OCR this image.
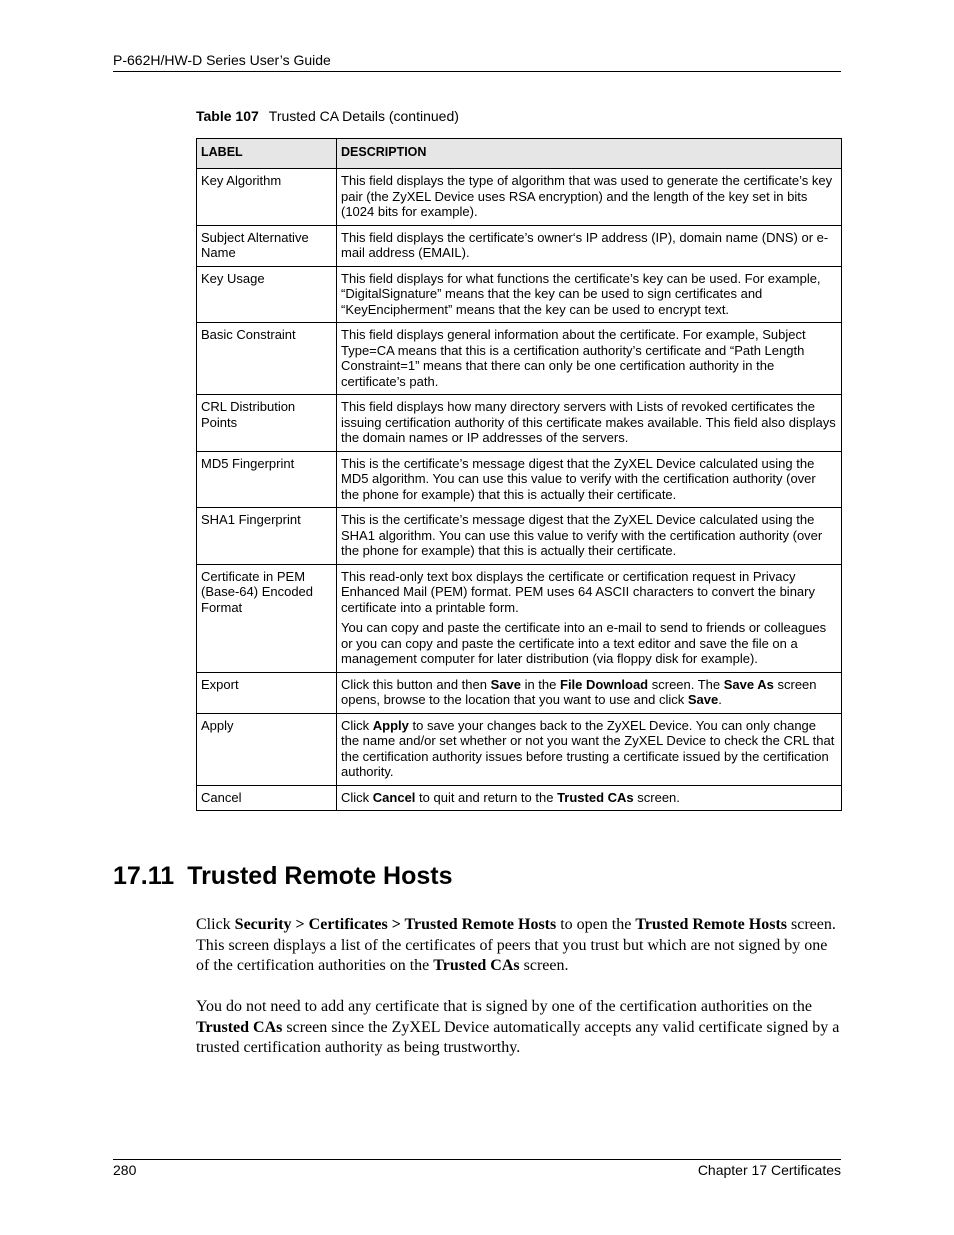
P-662H/HW-D Series User’s Guide
Table 107 Trusted CA Details (continued)
LABEL	DESCRIPTION
Key Algorithm	This field displays the type of algorithm that was used to generate the certificate’s key pair (the ZyXEL Device uses RSA encryption) and the length of the key set in bits (1024 bits for example).

Subject Alternative Name	This field displays the certificate’s owner‘s IP address (IP), domain name (DNS) or e-mail address (EMAIL).

Key Usage	This field displays for what functions the certificate’s key can be used. For example, “DigitalSignature” means that the key can be used to sign certificates and “KeyEncipherment” means that the key can be used to encrypt text.

Basic Constraint	This field displays general information about the certificate. For example, Subject Type=CA means that this is a certification authority’s certificate and “Path Length Constraint=1” means that there can only be one certification authority in the certificate’s path.

CRL Distribution Points	This field displays how many directory servers with Lists of revoked certificates the issuing certification authority of this certificate makes available. This field also displays the domain names or IP addresses of the servers.

MD5 Fingerprint	This is the certificate’s message digest that the ZyXEL Device calculated using the MD5 algorithm. You can use this value to verify with the certification authority (over the phone for example) that this is actually their certificate.

SHA1 Fingerprint	This is the certificate’s message digest that the ZyXEL Device calculated using the SHA1 algorithm. You can use this value to verify with the certification authority (over the phone for example) that this is actually their certificate.

Certificate in PEM (Base-64) Encoded Format	This read-only text box displays the certificate or certification request in Privacy Enhanced Mail (PEM) format. PEM uses 64 ASCII characters to convert the binary certificate into a printable form.

You can copy and paste the certificate into an e-mail to send to friends or colleagues or you can copy and paste the certificate into a text editor and save the file on a management computer for later distribution (via floppy disk for example).

Export	Click this button and then Save in the File Download screen. The Save As screen opens, browse to the location that you want to use and click Save.

Apply	Click Apply to save your changes back to the ZyXEL Device. You can only change the name and/or set whether or not you want the ZyXEL Device to check the CRL that the certification authority issues before trusting a certificate issued by the certification authority.

Cancel	Click Cancel to quit and return to the Trusted CAs screen.

17.11 Trusted Remote Hosts

Click Security > Certificates > Trusted Remote Hosts to open the Trusted Remote Hosts screen. This screen displays a list of the certificates of peers that you trust but which are not signed by one of the certification authorities on the Trusted CAs screen.

You do not need to add any certificate that is signed by one of the certification authorities on the Trusted CAs screen since the ZyXEL Device automatically accepts any valid certificate signed by a trusted certification authority as being trustworthy.

280	Chapter 17 Certificates
